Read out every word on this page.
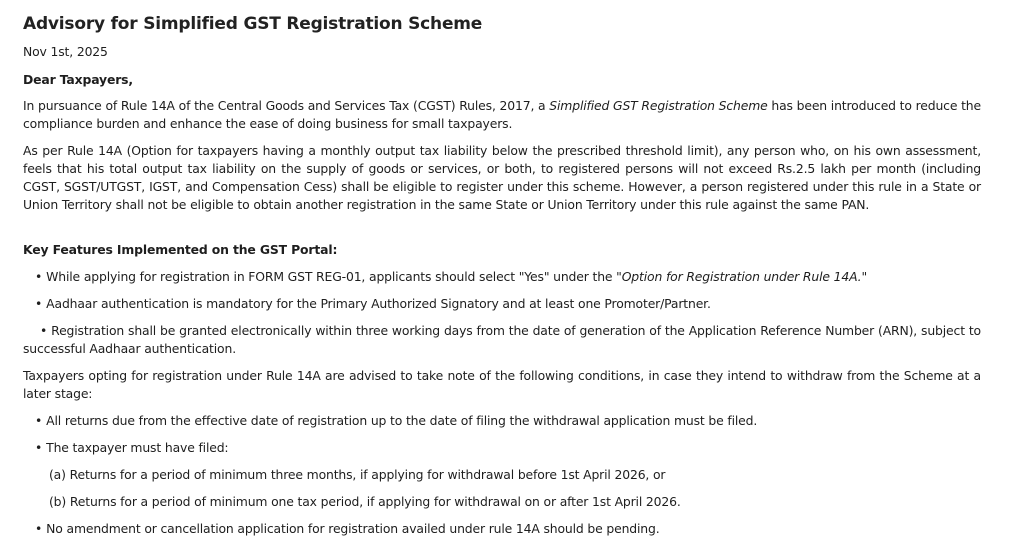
Advisory for Simplified GST Registration Scheme

Nov 1st, 2025

Dear Taxpayers,

In pursuance of Rule 14A of the Central Goods and Services Tax (CGST) Rules, 2017, a Simplified GST Registration Scheme has been introduced to reduce the compliance burden and enhance the ease of doing business for small taxpayers.

As per Rule 14A (Option for taxpayers having a monthly output tax liability below the prescribed threshold limit), any person who, on his own assessment, feels that his total output tax liability on the supply of goods or services, or both, to registered persons will not exceed Rs.2.5 lakh per month (including CGST, SGST/UTGST, IGST, and Compensation Cess) shall be eligible to register under this scheme. However, a person registered under this rule in a State or Union Territory shall not be eligible to obtain another registration in the same State or Union Territory under this rule against the same PAN.

Key Features Implemented on the GST Portal:

• While applying for registration in FORM GST REG-01, applicants should select "Yes" under the "Option for Registration under Rule 14A."

• Aadhaar authentication is mandatory for the Primary Authorized Signatory and at least one Promoter/Partner.

• Registration shall be granted electronically within three working days from the date of generation of the Application Reference Number (ARN), subject to successful Aadhaar authentication.

Taxpayers opting for registration under Rule 14A are advised to take note of the following conditions, in case they intend to withdraw from the Scheme at a later stage:

• All returns due from the effective date of registration up to the date of filing the withdrawal application must be filed.

• The taxpayer must have filed:

(a) Returns for a period of minimum three months, if applying for withdrawal before 1st April 2026, or

(b) Returns for a period of minimum one tax period, if applying for withdrawal on or after 1st April 2026.

• No amendment or cancellation application for registration availed under rule 14A should be pending.
